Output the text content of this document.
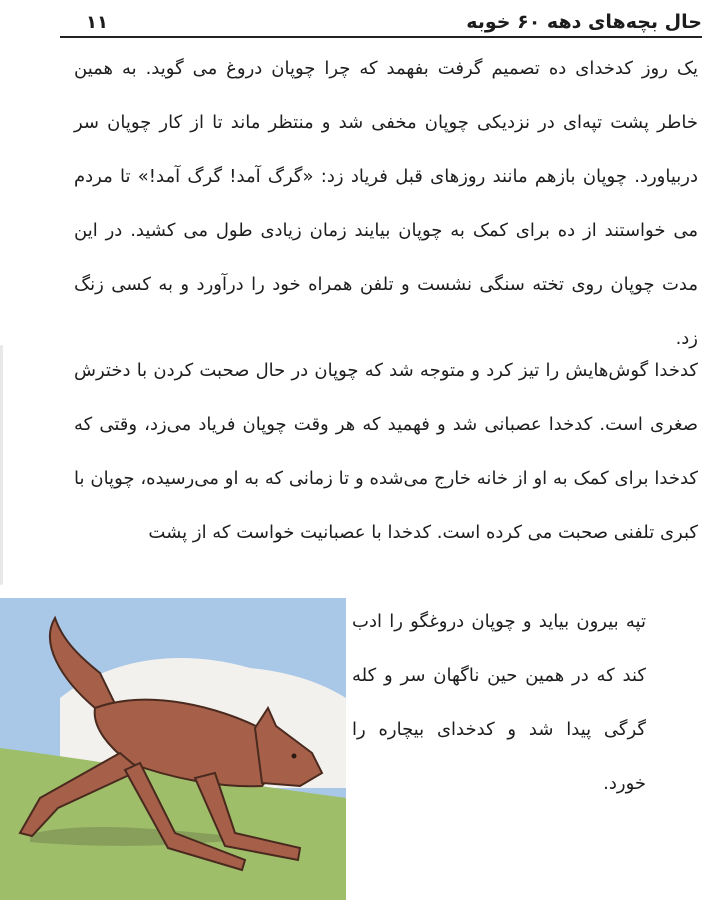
۱۱	حال بچه‌های دهه ۶۰ خوبه

یک روز کدخدای ده تصمیم گرفت بفهمد که چرا چوپان دروغ می گوید. به همین خاطر پشت تپه‌ای در نزدیکی چوپان مخفی شد و منتظر ماند تا از کار چوپان سر دربیاورد. چوپان بازهم مانند روزهای قبل فریاد زد: «گرگ آمد! گرگ آمد!» تا مردم می خواستند از ده برای کمک به چوپان بیایند زمان زیادی طول می کشید. در این مدت چوپان روی تخته سنگی نشست و تلفن همراه خود را درآورد و به کسی زنگ زد.

کدخدا گوش‌هایش را تیز کرد و متوجه شد که چوپان در حال صحبت کردن با دخترش صغری است. کدخدا عصبانی شد و فهمید که هر وقت چوپان فریاد می‌زد، وقتی که کدخدا برای کمک به او از خانه خارج می‌شده و تا زمانی که به او می‌رسیده، چوپان با کبری تلفنی صحبت می کرده است. کدخدا با عصبانیت خواست که از پشت

تپه بیرون بیاید و چوپان دروغگو را ادب کند که در همین حین ناگهان سر و کله گرگی پیدا شد و کدخدای بیچاره را خورد.
